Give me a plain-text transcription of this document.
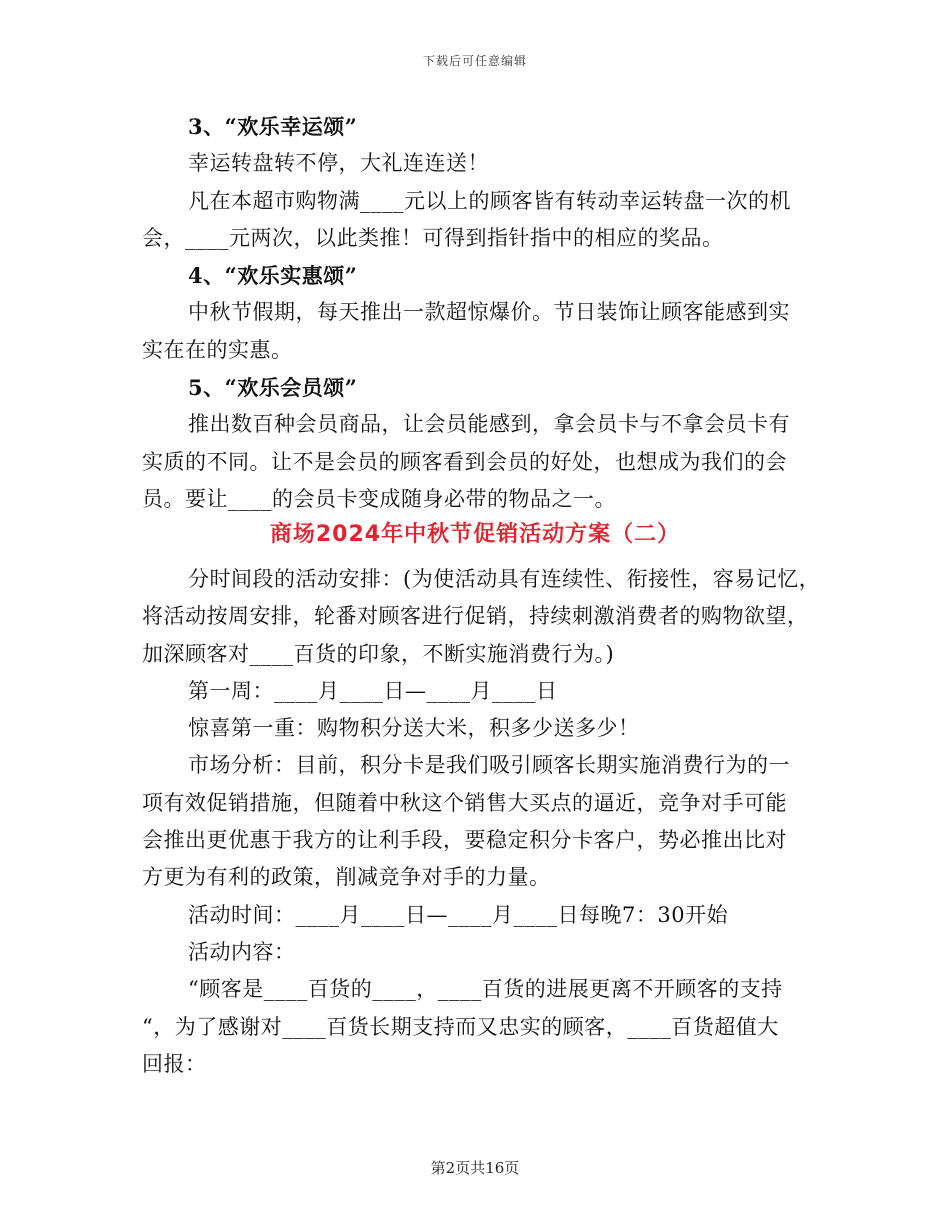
下载后可任意编辑
3、“欢乐幸运颂”
幸运转盘转不停，大礼连连送！
凡在本超市购物满____元以上的顾客皆有转动幸运转盘一次的机
会，____元两次，以此类推！可得到指针指中的相应的奖品。
4、“欢乐实惠颂”
中秋节假期，每天推出一款超惊爆价。节日装饰让顾客能感到实
实在在的实惠。
5、“欢乐会员颂”
推出数百种会员商品，让会员能感到，拿会员卡与不拿会员卡有
实质的不同。让不是会员的顾客看到会员的好处，也想成为我们的会
员。要让____的会员卡变成随身必带的物品之一。
商场2024年中秋节促销活动方案（二）
分时间段的活动安排：(为使活动具有连续性、衔接性，容易记忆，
将活动按周安排，轮番对顾客进行促销，持续刺激消费者的购物欲望，
加深顾客对____百货的印象，不断实施消费行为。)
第一周：____月____日—____月____日
惊喜第一重：购物积分送大米，积多少送多少！
市场分析：目前，积分卡是我们吸引顾客长期实施消费行为的一
项有效促销措施，但随着中秋这个销售大买点的逼近，竞争对手可能
会推出更优惠于我方的让利手段，要稳定积分卡客户，势必推出比对
方更为有利的政策，削减竞争对手的力量。
活动时间：____月____日—____月____日每晚7：30开始
活动内容：
“顾客是____百货的____，____百货的进展更离不开顾客的支持
“，为了感谢对____百货长期支持而又忠实的顾客，____百货超值大
回报：
第2页共16页
